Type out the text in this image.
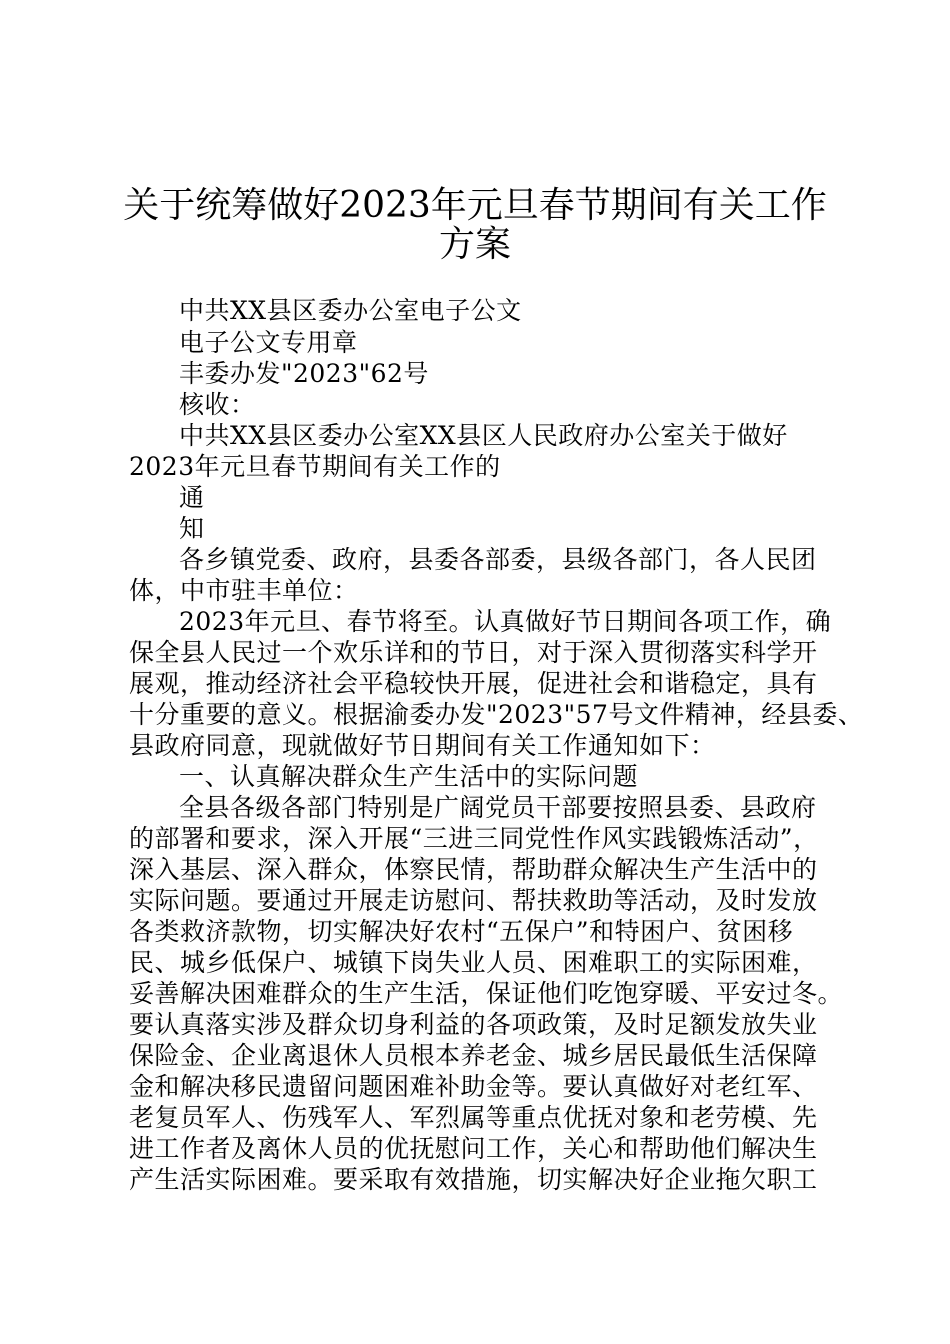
关于统筹做好2023年元旦春节期间有关工作
方案
中共XX县区委办公室电子公文
电子公文专用章
丰委办发"2023"62号
核收：
中共XX县区委办公室XX县区人民政府办公室关于做好
2023年元旦春节期间有关工作的
通
知
各乡镇党委、政府，县委各部委，县级各部门，各人民团
体，中市驻丰单位：
2023年元旦、春节将至。认真做好节日期间各项工作，确
保全县人民过一个欢乐详和的节日，对于深入贯彻落实科学开
展观，推动经济社会平稳较快开展，促进社会和谐稳定，具有
十分重要的意义。根据渝委办发"2023"57号文件精神，经县委、
县政府同意，现就做好节日期间有关工作通知如下：
一、认真解决群众生产生活中的实际问题
全县各级各部门特别是广阔党员干部要按照县委、县政府
的部署和要求，深入开展“三进三同党性作风实践锻炼活动”，
深入基层、深入群众，体察民情，帮助群众解决生产生活中的
实际问题。要通过开展走访慰问、帮扶救助等活动，及时发放
各类救济款物，切实解决好农村“五保户”和特困户、贫困移
民、城乡低保户、城镇下岗失业人员、困难职工的实际困难，
妥善解决困难群众的生产生活，保证他们吃饱穿暖、平安过冬。
要认真落实涉及群众切身利益的各项政策，及时足额发放失业
保险金、企业离退休人员根本养老金、城乡居民最低生活保障
金和解决移民遗留问题困难补助金等。要认真做好对老红军、
老复员军人、伤残军人、军烈属等重点优抚对象和老劳模、先
进工作者及离休人员的优抚慰问工作，关心和帮助他们解决生
产生活实际困难。要采取有效措施，切实解决好企业拖欠职工
